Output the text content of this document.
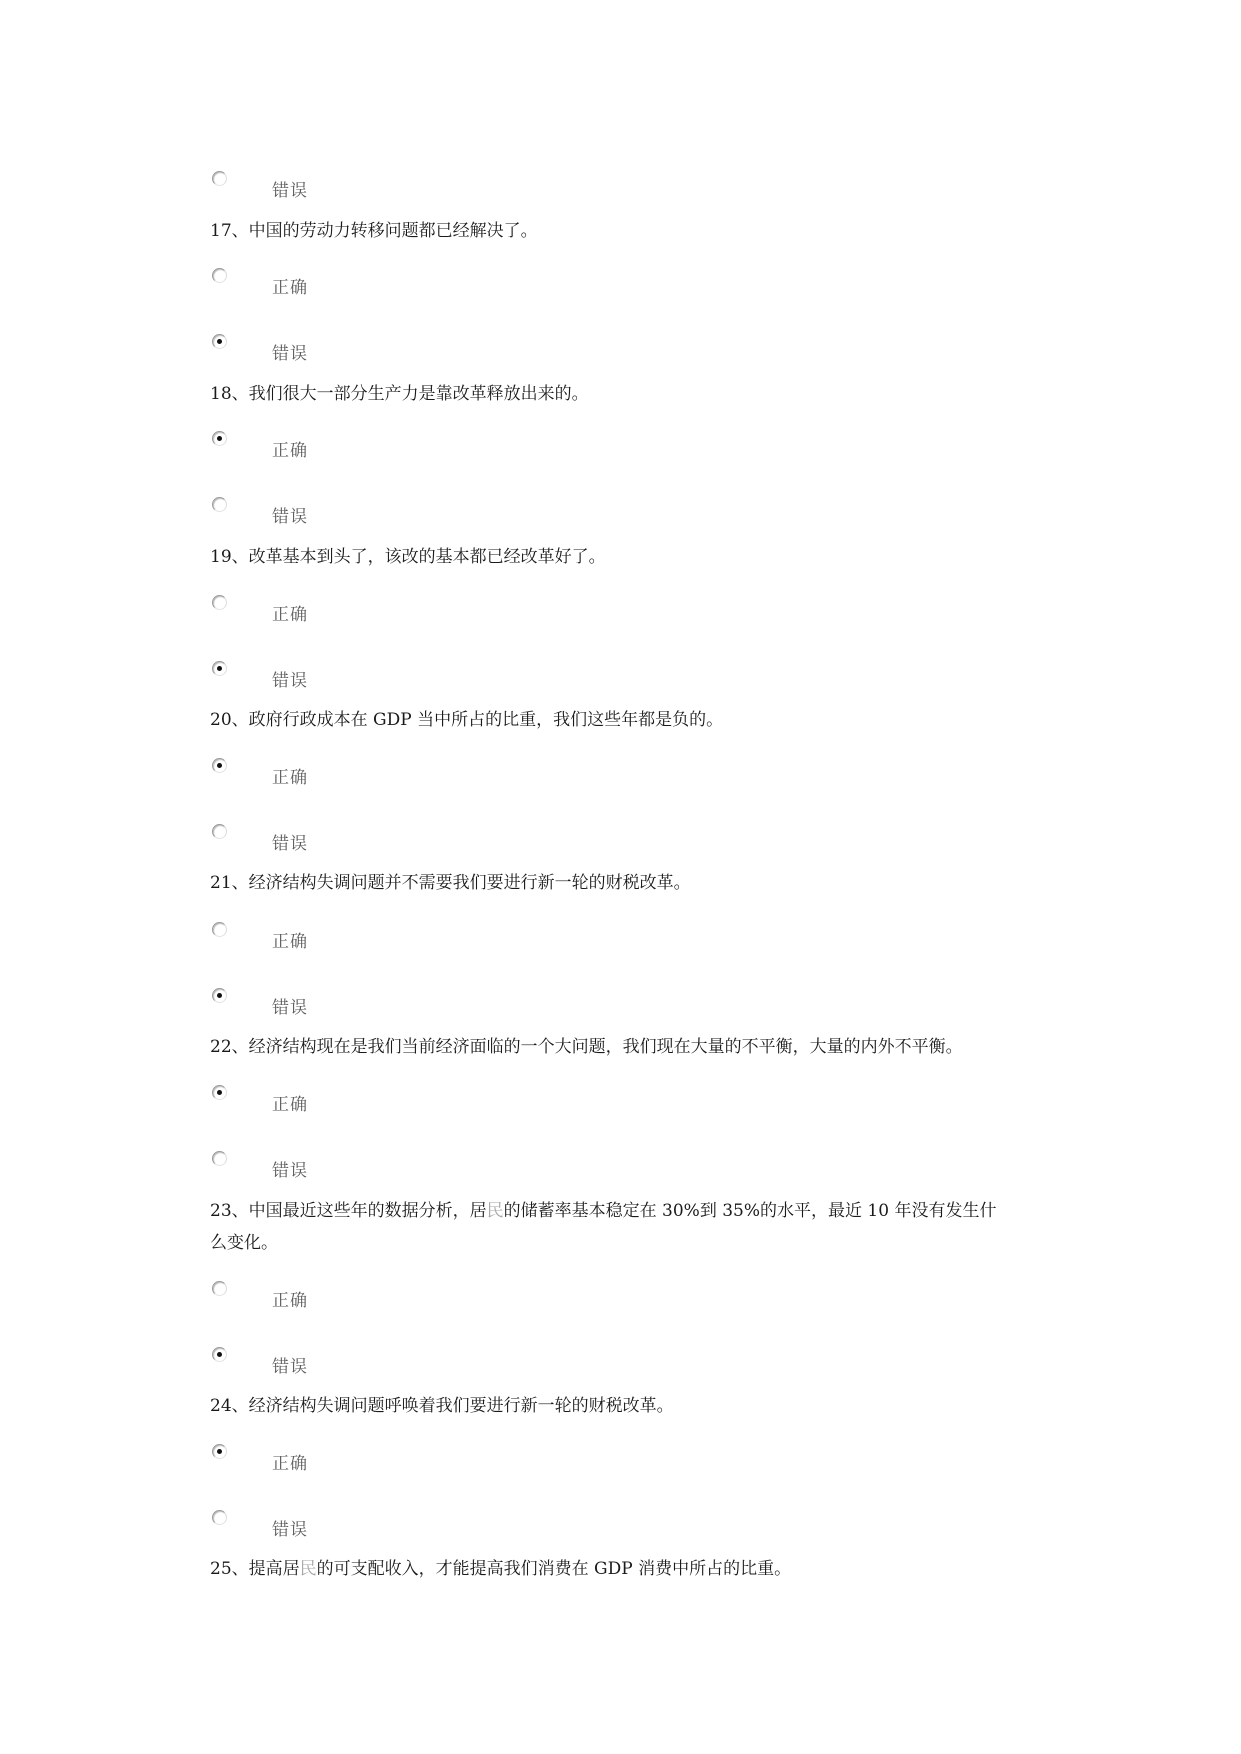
错误
17、中国的劳动力转移问题都已经解决了。
正确
错误
18、我们很大一部分生产力是靠改革释放出来的。
正确
错误
19、改革基本到头了，该改的基本都已经改革好了。
正确
错误
20、政府行政成本在 GDP 当中所占的比重，我们这些年都是负的。
正确
错误
21、经济结构失调问题并不需要我们要进行新一轮的财税改革。
正确
错误
22、经济结构现在是我们当前经济面临的一个大问题，我们现在大量的不平衡，大量的内外不平衡。
正确
错误
23、中国最近这些年的数据分析，居民的储蓄率基本稳定在 30%到 35%的水平，最近 10 年没有发生什
么变化。
正确
错误
24、经济结构失调问题呼唤着我们要进行新一轮的财税改革。
正确
错误
25、提高居民的可支配收入，才能提高我们消费在 GDP 消费中所占的比重。
